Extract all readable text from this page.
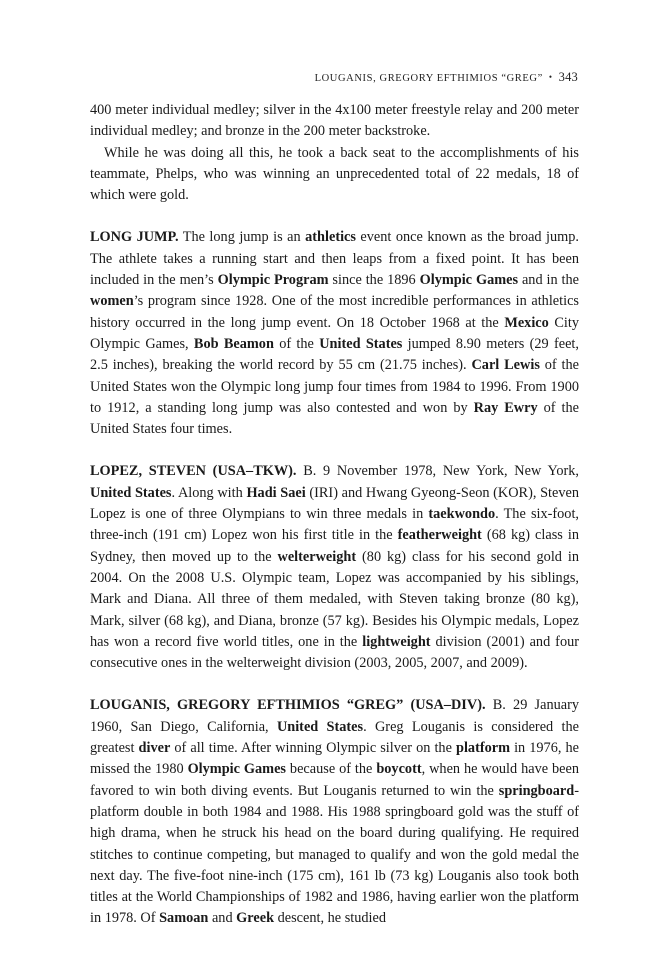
LOUGANIS, GREGORY EFTHIMIOS “GREG” • 343

400 meter individual medley; silver in the 4x100 meter freestyle relay and 200 meter individual medley; and bronze in the 200 meter backstroke.

While he was doing all this, he took a back seat to the accomplishments of his teammate, Phelps, who was winning an unprecedented total of 22 medals, 18 of which were gold.

LONG JUMP. The long jump is an athletics event once known as the broad jump. The athlete takes a running start and then leaps from a fixed point. It has been included in the men’s Olympic Program since the 1896 Olympic Games and in the women’s program since 1928. One of the most incredible performances in athletics history occurred in the long jump event. On 18 October 1968 at the Mexico City Olympic Games, Bob Beamon of the United States jumped 8.90 meters (29 feet, 2.5 inches), breaking the world record by 55 cm (21.75 inches). Carl Lewis of the United States won the Olympic long jump four times from 1984 to 1996. From 1900 to 1912, a standing long jump was also contested and won by Ray Ewry of the United States four times.

LOPEZ, STEVEN (USA–TKW). B. 9 November 1978, New York, New York, United States. Along with Hadi Saei (IRI) and Hwang Gyeong-Seon (KOR), Steven Lopez is one of three Olympians to win three medals in taekwondo. The six-foot, three-inch (191 cm) Lopez won his first title in the featherweight (68 kg) class in Sydney, then moved up to the welterweight (80 kg) class for his second gold in 2004. On the 2008 U.S. Olympic team, Lopez was accompanied by his siblings, Mark and Diana. All three of them medaled, with Steven taking bronze (80 kg), Mark, silver (68 kg), and Diana, bronze (57 kg). Besides his Olympic medals, Lopez has won a record five world titles, one in the lightweight division (2001) and four consecutive ones in the welterweight division (2003, 2005, 2007, and 2009).

LOUGANIS, GREGORY EFTHIMIOS “GREG” (USA–DIV). B. 29 January 1960, San Diego, California, United States. Greg Louganis is considered the greatest diver of all time. After winning Olympic silver on the platform in 1976, he missed the 1980 Olympic Games because of the boycott, when he would have been favored to win both diving events. But Louganis returned to win the springboard-platform double in both 1984 and 1988. His 1988 springboard gold was the stuff of high drama, when he struck his head on the board during qualifying. He required stitches to continue competing, but managed to qualify and won the gold medal the next day. The five-foot nine-inch (175 cm), 161 lb (73 kg) Louganis also took both titles at the World Championships of 1982 and 1986, having earlier won the platform in 1978. Of Samoan and Greek descent, he studied
